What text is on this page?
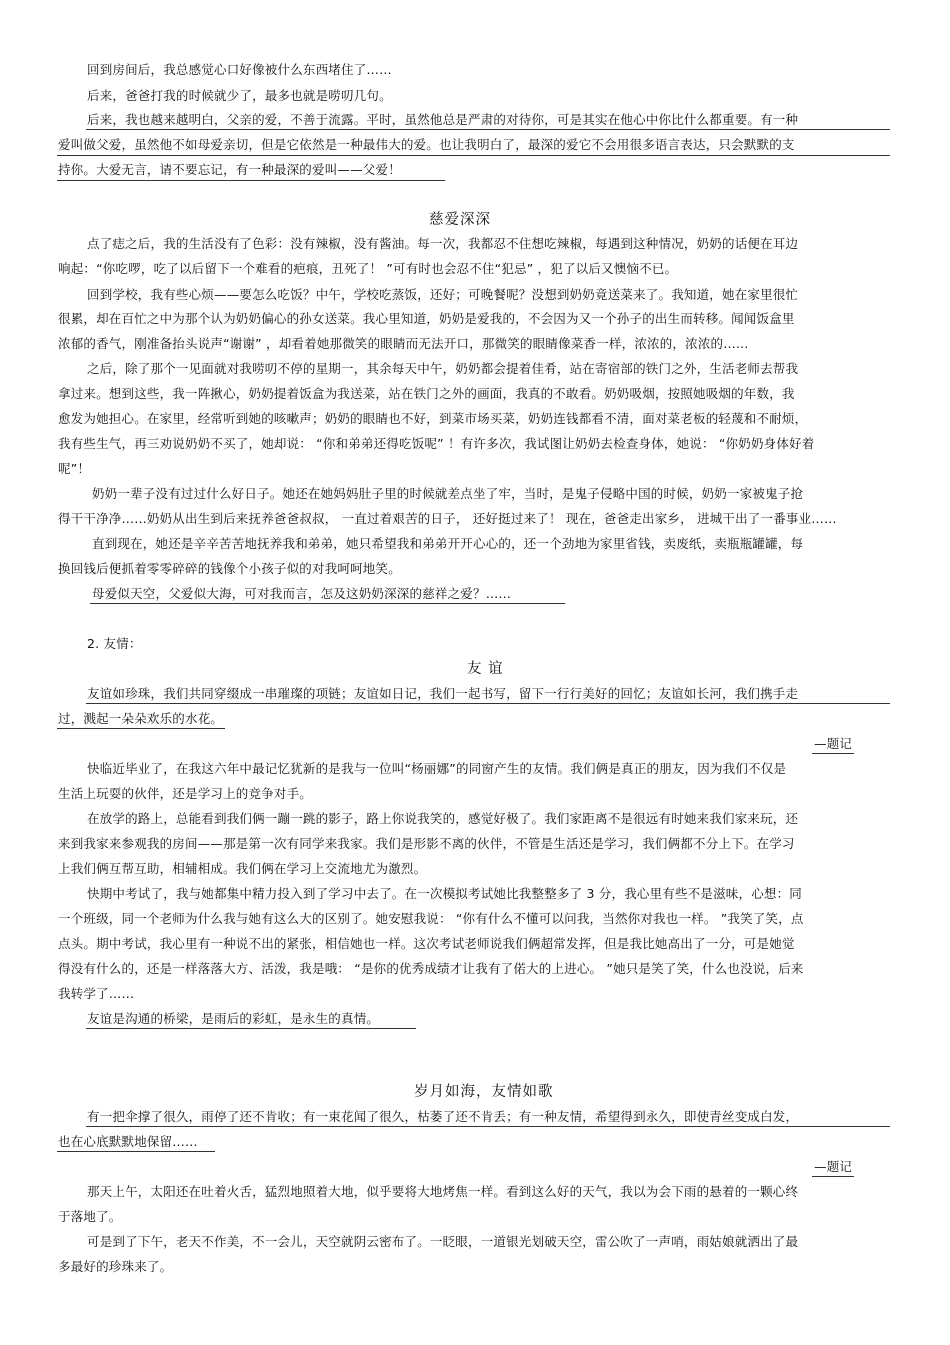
回到房间后，我总感觉心口好像被什么东西堵住了……
后来，爸爸打我的时候就少了，最多也就是唠叨几句。
后来，我也越来越明白，父亲的爱，不善于流露。平时，虽然他总是严肃的对待你，可是其实在他心中你比什么都重要。有一种
爱叫做父爱，虽然他不如母爱亲切，但是它依然是一种最伟大的爱。也让我明白了，最深的爱它不会用很多语言表达，只会默默的支
持你。大爱无言，请不要忘记，有一种最深的爱叫——父爱！
慈爱深深
点了痣之后，我的生活没有了色彩：没有辣椒，没有酱油。每一次，我都忍不住想吃辣椒，每遇到这种情况，奶奶的话便在耳边
响起：“你吃啰，吃了以后留下一个难看的疤痕，丑死了！ ”可有时也会忍不住“犯忌” ，犯了以后又懊恼不已。
回到学校，我有些心烦——要怎么吃饭？中午，学校吃蒸饭，还好；可晚餐呢？没想到奶奶竟送菜来了。我知道，她在家里很忙
很累，却在百忙之中为那个认为奶奶偏心的孙女送菜。我心里知道，奶奶是爱我的，不会因为又一个孙子的出生而转移。闻闻饭盒里
浓郁的香气，刚准备抬头说声“谢谢” ，却看着她那微笑的眼睛而无法开口，那微笑的眼睛像菜香一样，浓浓的，浓浓的……
之后，除了那个一见面就对我唠叨不停的星期一，其余每天中午，奶奶都会提着佳肴，站在寄宿部的铁门之外，生活老师去帮我
拿过来。想到这些，我一阵揪心，奶奶提着饭盒为我送菜，站在铁门之外的画面，我真的不敢看。奶奶吸烟，按照她吸烟的年数，我
愈发为她担心。在家里，经常听到她的咳嗽声；奶奶的眼睛也不好，到菜市场买菜，奶奶连钱都看不清，面对菜老板的轻蔑和不耐烦，
我有些生气，再三劝说奶奶不买了，她却说： “你和弟弟还得吃饭呢” ！有许多次，我试图让奶奶去检查身体，她说： “你奶奶身体好着
呢”！
奶奶一辈子没有过过什么好日子。她还在她妈妈肚子里的时候就差点坐了牢，当时，是鬼子侵略中国的时候，奶奶一家被鬼子抢
得干干净净……奶奶从出生到后来抚养爸爸叔叔， 一直过着艰苦的日子， 还好挺过来了！ 现在，爸爸走出家乡， 进城干出了一番事业……
直到现在，她还是辛辛苦苦地抚养我和弟弟，她只希望我和弟弟开开心心的，还一个劲地为家里省钱，卖废纸，卖瓶瓶罐罐，每
换回钱后便抓着零零碎碎的钱像个小孩子似的对我呵呵地笑。
母爱似天空，父爱似大海，可对我而言，怎及这奶奶深深的慈祥之爱？……
2. 友情：
友 谊
友谊如珍珠，我们共同穿缀成一串璀璨的项链；友谊如日记，我们一起书写，留下一行行美好的回忆；友谊如长河，我们携手走
过，溅起一朵朵欢乐的水花。
—题记
快临近毕业了，在我这六年中最记忆犹新的是我与一位叫“杨丽娜”的同窗产生的友情。我们俩是真正的朋友，因为我们不仅是
生活上玩耍的伙伴，还是学习上的竞争对手。
在放学的路上，总能看到我们俩一蹦一跳的影子，路上你说我笑的，感觉好极了。我们家距离不是很远有时她来我们家来玩，还
来到我家来参观我的房间——那是第一次有同学来我家。我们是形影不离的伙伴，不管是生活还是学习，我们俩都不分上下。在学习
上我们俩互帮互助，相辅相成。我们俩在学习上交流地尤为激烈。
快期中考试了，我与她都集中精力投入到了学习中去了。在一次模拟考试她比我整整多了 3 分，我心里有些不是滋味，心想：同
一个班级，同一个老师为什么我与她有这么大的区别了。她安慰我说： “你有什么不懂可以问我，当然你对我也一样。 ”我笑了笑，点
点头。期中考试，我心里有一种说不出的紧张，相信她也一样。这次考试老师说我们俩超常发挥，但是我比她高出了一分，可是她觉
得没有什么的，还是一样落落大方、活泼，我是哦： “是你的优秀成绩才让我有了偌大的上进心。 ”她只是笑了笑，什么也没说，后来
我转学了……
友谊是沟通的桥梁，是雨后的彩虹，是永生的真情。
岁月如海，友情如歌
有一把伞撑了很久，雨停了还不肯收；有一束花闻了很久，枯萎了还不肯丢；有一种友情，希望得到永久，即使青丝变成白发，
也在心底默默地保留……
—题记
那天上午，太阳还在吐着火舌，猛烈地照着大地，似乎要将大地烤焦一样。看到这么好的天气，我以为会下雨的悬着的一颗心终
于落地了。
可是到了下午，老天不作美，不一会儿，天空就阴云密布了。一眨眼，一道银光划破天空，雷公吹了一声哨，雨姑娘就洒出了最
多最好的珍珠来了。
